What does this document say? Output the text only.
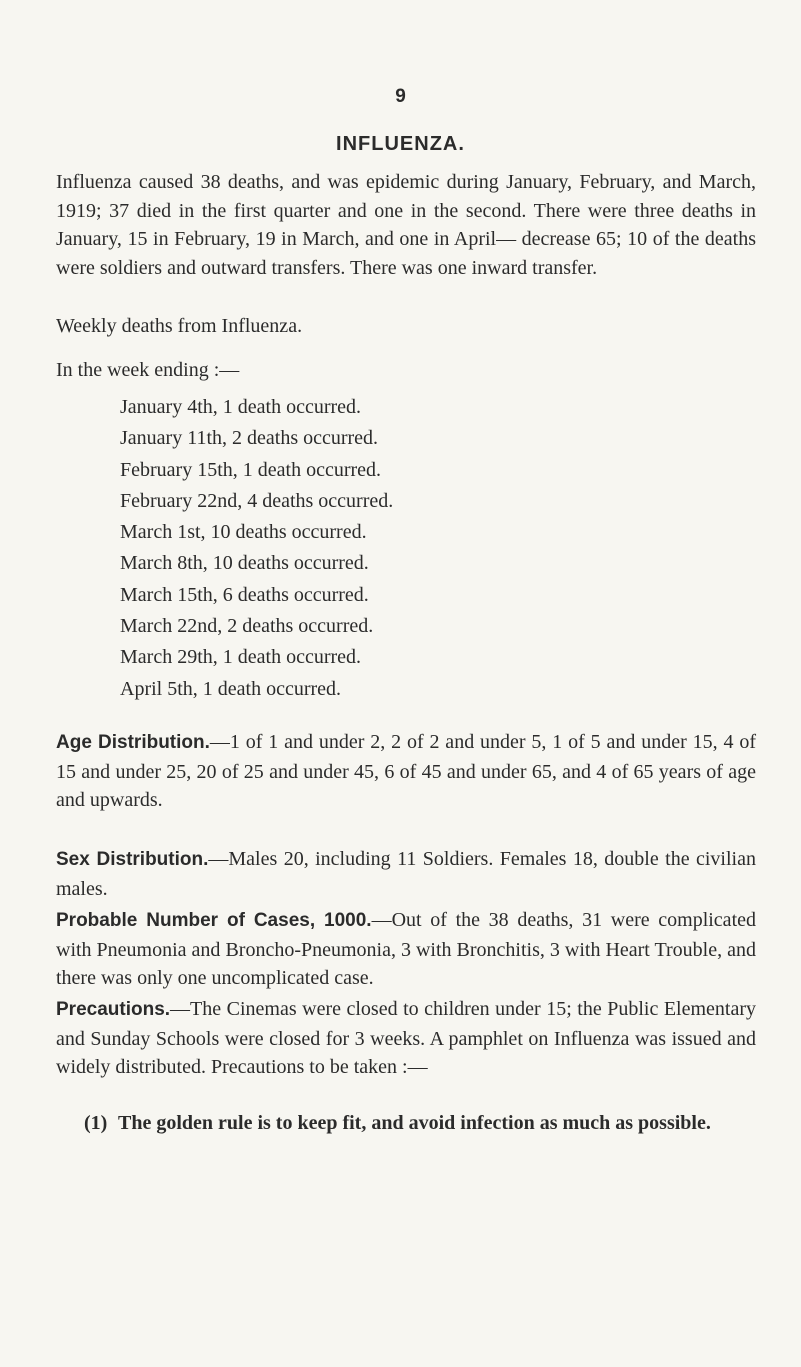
9
INFLUENZA.

Influenza caused 38 deaths, and was epidemic during January, February, and March, 1919; 37 died in the first quarter and one in the second. There were three deaths in January, 15 in February, 19 in March, and one in April— decrease 65; 10 of the deaths were soldiers and outward transfers. There was one inward transfer.

Weekly deaths from Influenza.

In the week ending :—

January 4th, 1 death occurred.
January 11th, 2 deaths occurred.
February 15th, 1 death occurred.
February 22nd, 4 deaths occurred.
March 1st, 10 deaths occurred.
March 8th, 10 deaths occurred.
March 15th, 6 deaths occurred.
March 22nd, 2 deaths occurred.
March 29th, 1 death occurred.
April 5th, 1 death occurred.

Age Distribution.—1 of 1 and under 2, 2 of 2 and under 5, 1 of 5 and under 15, 4 of 15 and under 25, 20 of 25 and under 45, 6 of 45 and under 65, and 4 of 65 years of age and upwards.

Sex Distribution.—Males 20, including 11 Soldiers. Females 18, double the civilian males.

Probable Number of Cases, 1000.—Out of the 38 deaths, 31 were complicated with Pneumonia and Broncho-Pneumonia, 3 with Bronchitis, 3 with Heart Trouble, and there was only one uncomplicated case.

Precautions.—The Cinemas were closed to children under 15; the Public Elementary and Sunday Schools were closed for 3 weeks. A pamphlet on Influenza was issued and widely distributed. Precautions to be taken :—

(1) The golden rule is to keep fit, and avoid infection as much as possible.
